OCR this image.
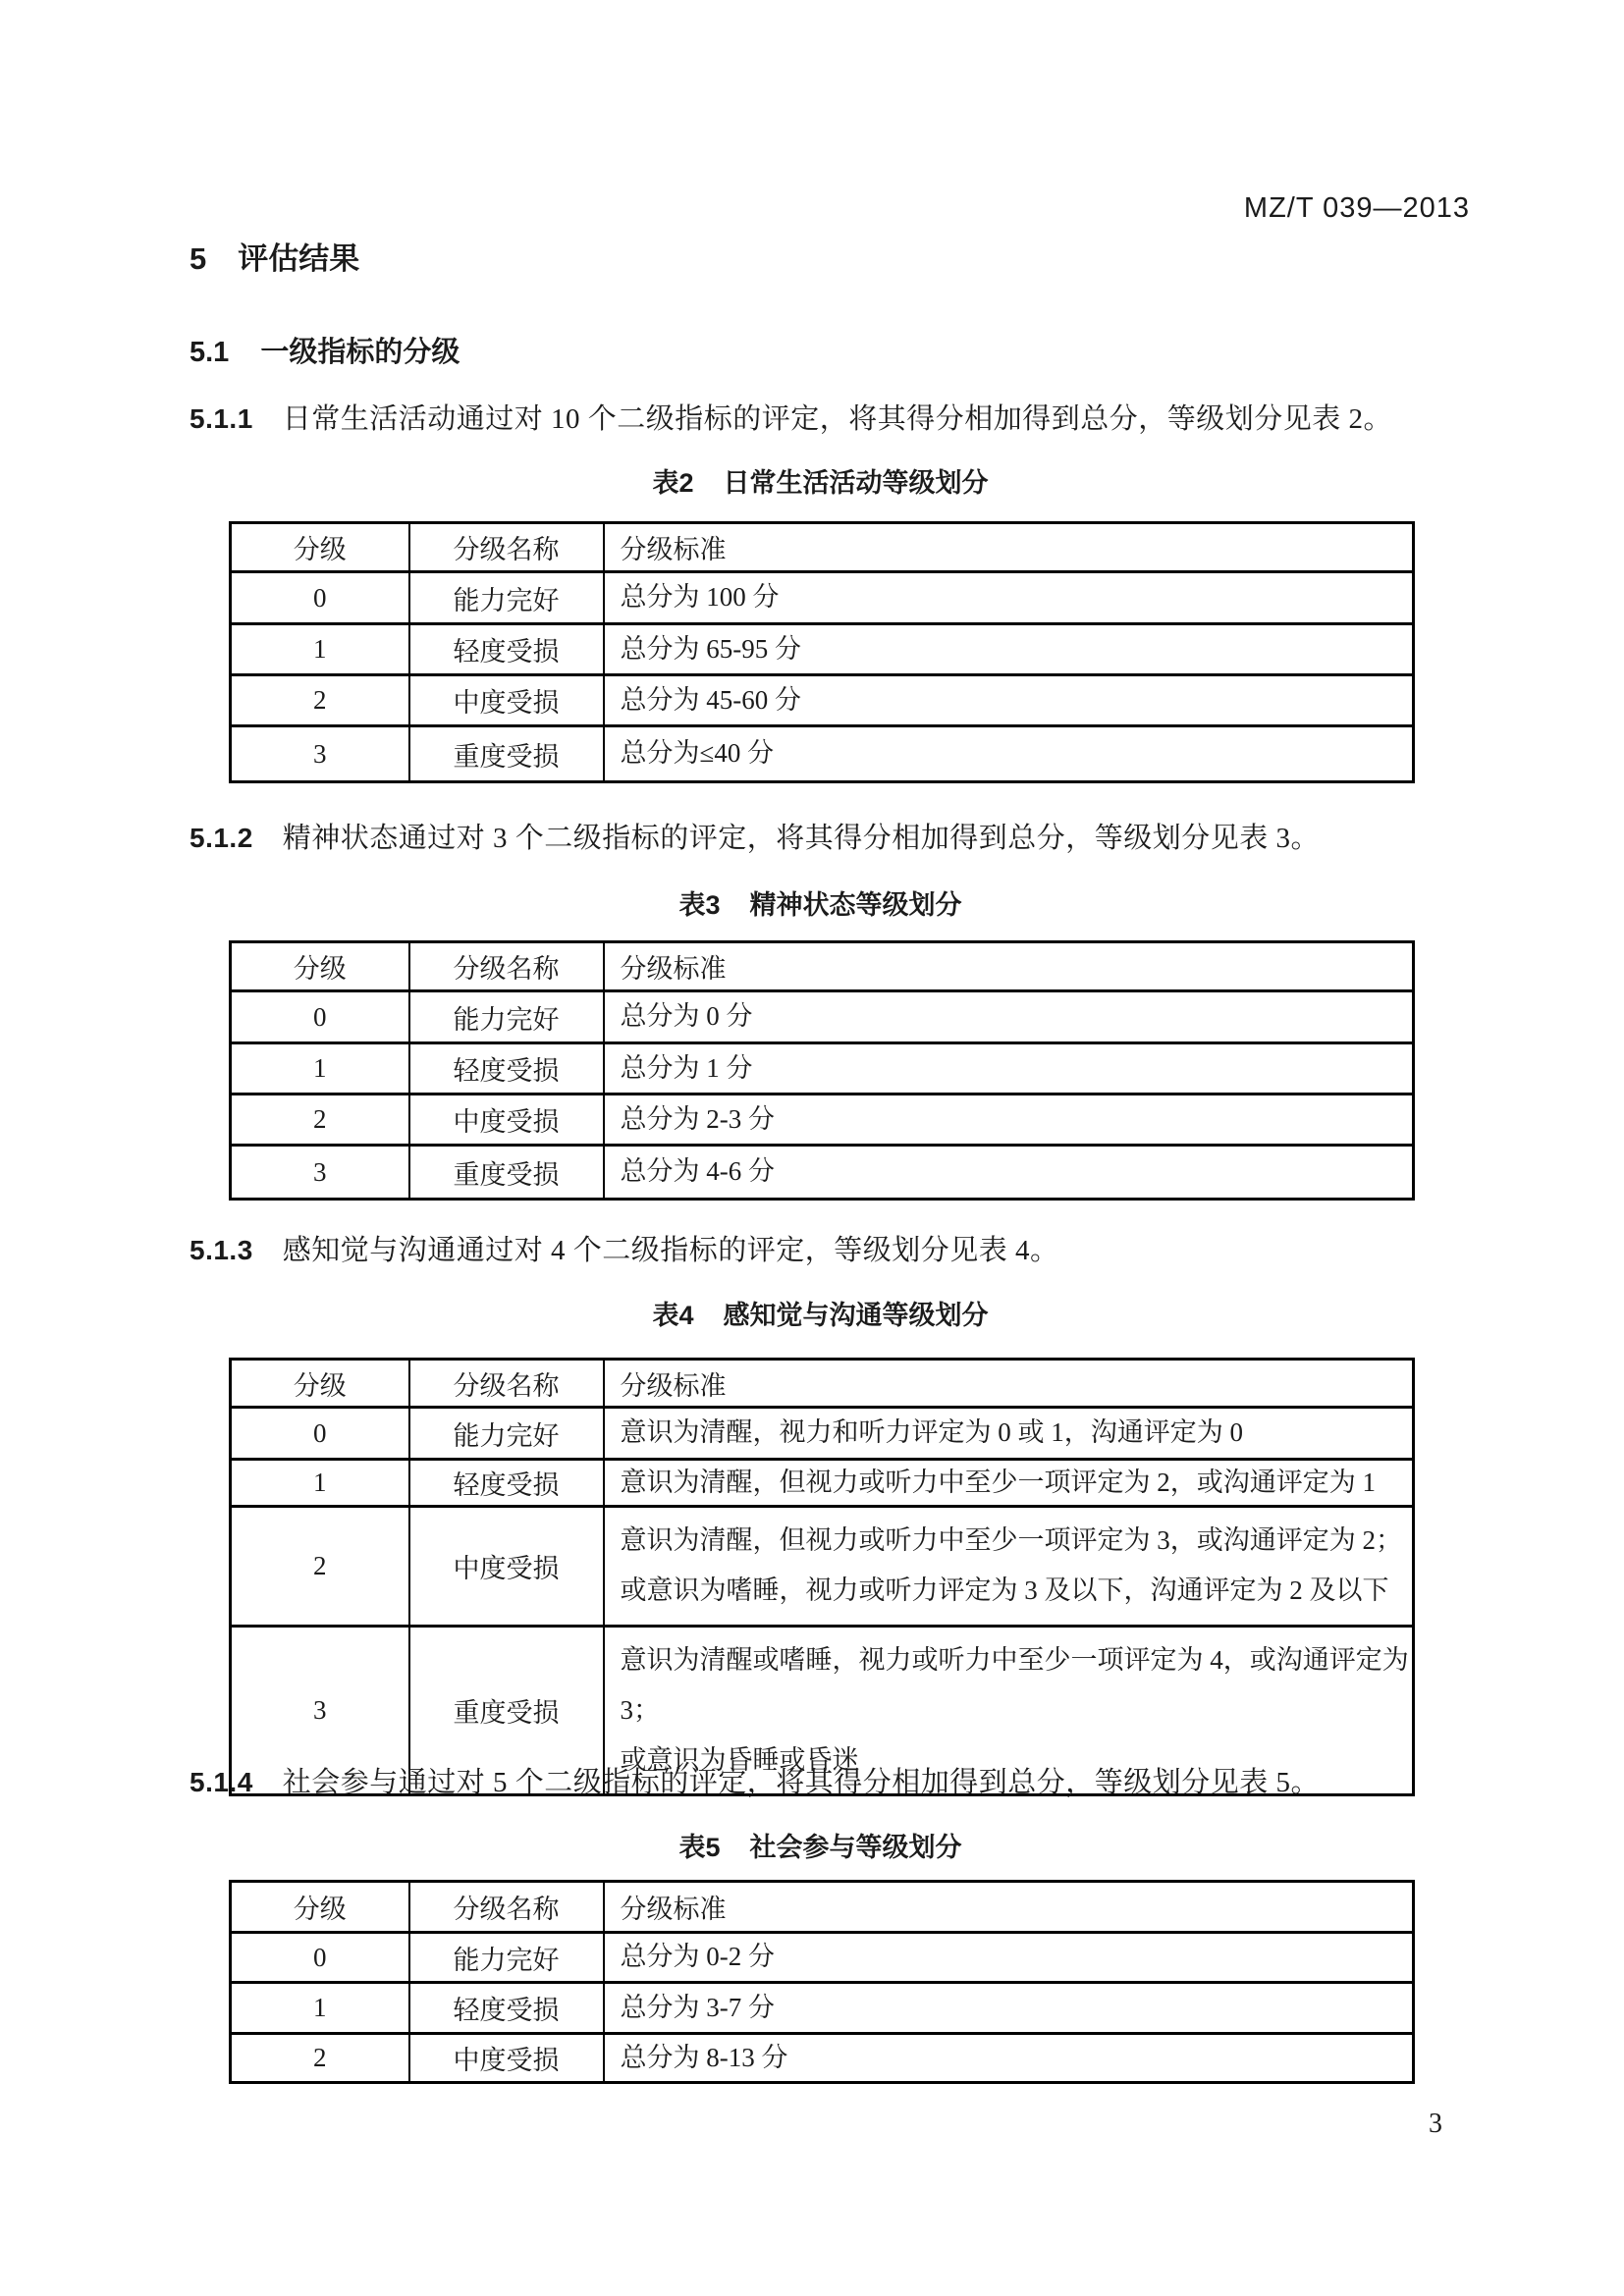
MZ/T 039—2013
5 评估结果
5.1 一级指标的分级
5.1.1 日常生活活动通过对 10 个二级指标的评定，将其得分相加得到总分，等级划分见表 2。
表2 日常生活活动等级划分
分级	分级名称	分级标准
0	能力完好	总分为 100 分

1	轻度受损	总分为 65-95 分

2	中度受损	总分为 45-60 分

3	重度受损	总分为≤40 分
5.1.2 精神状态通过对 3 个二级指标的评定，将其得分相加得到总分，等级划分见表 3。
表3 精神状态等级划分
分级	分级名称	分级标准
0	能力完好	总分为 0 分

1	轻度受损	总分为 1 分

2	中度受损	总分为 2-3 分

3	重度受损	总分为 4-6 分
5.1.3 感知觉与沟通通过对 4 个二级指标的评定，等级划分见表 4。
表4 感知觉与沟通等级划分
分级	分级名称	分级标准
0	能力完好	意识为清醒，视力和听力评定为 0 或 1，沟通评定为 0

1	轻度受损	意识为清醒，但视力或听力中至少一项评定为 2，或沟通评定为 1

2	中度受损	意识为清醒，但视力或听力中至少一项评定为 3，或沟通评定为 2；
或意识为嗜睡，视力或听力评定为 3 及以下，沟通评定为 2 及以下

3	重度受损	意识为清醒或嗜睡，视力或听力中至少一项评定为 4，或沟通评定为 3；
或意识为昏睡或昏迷
5.1.4 社会参与通过对 5 个二级指标的评定，将其得分相加得到总分，等级划分见表 5。
表5 社会参与等级划分
分级	分级名称	分级标准
0	能力完好	总分为 0-2 分

1	轻度受损	总分为 3-7 分

2	中度受损	总分为 8-13 分
3
